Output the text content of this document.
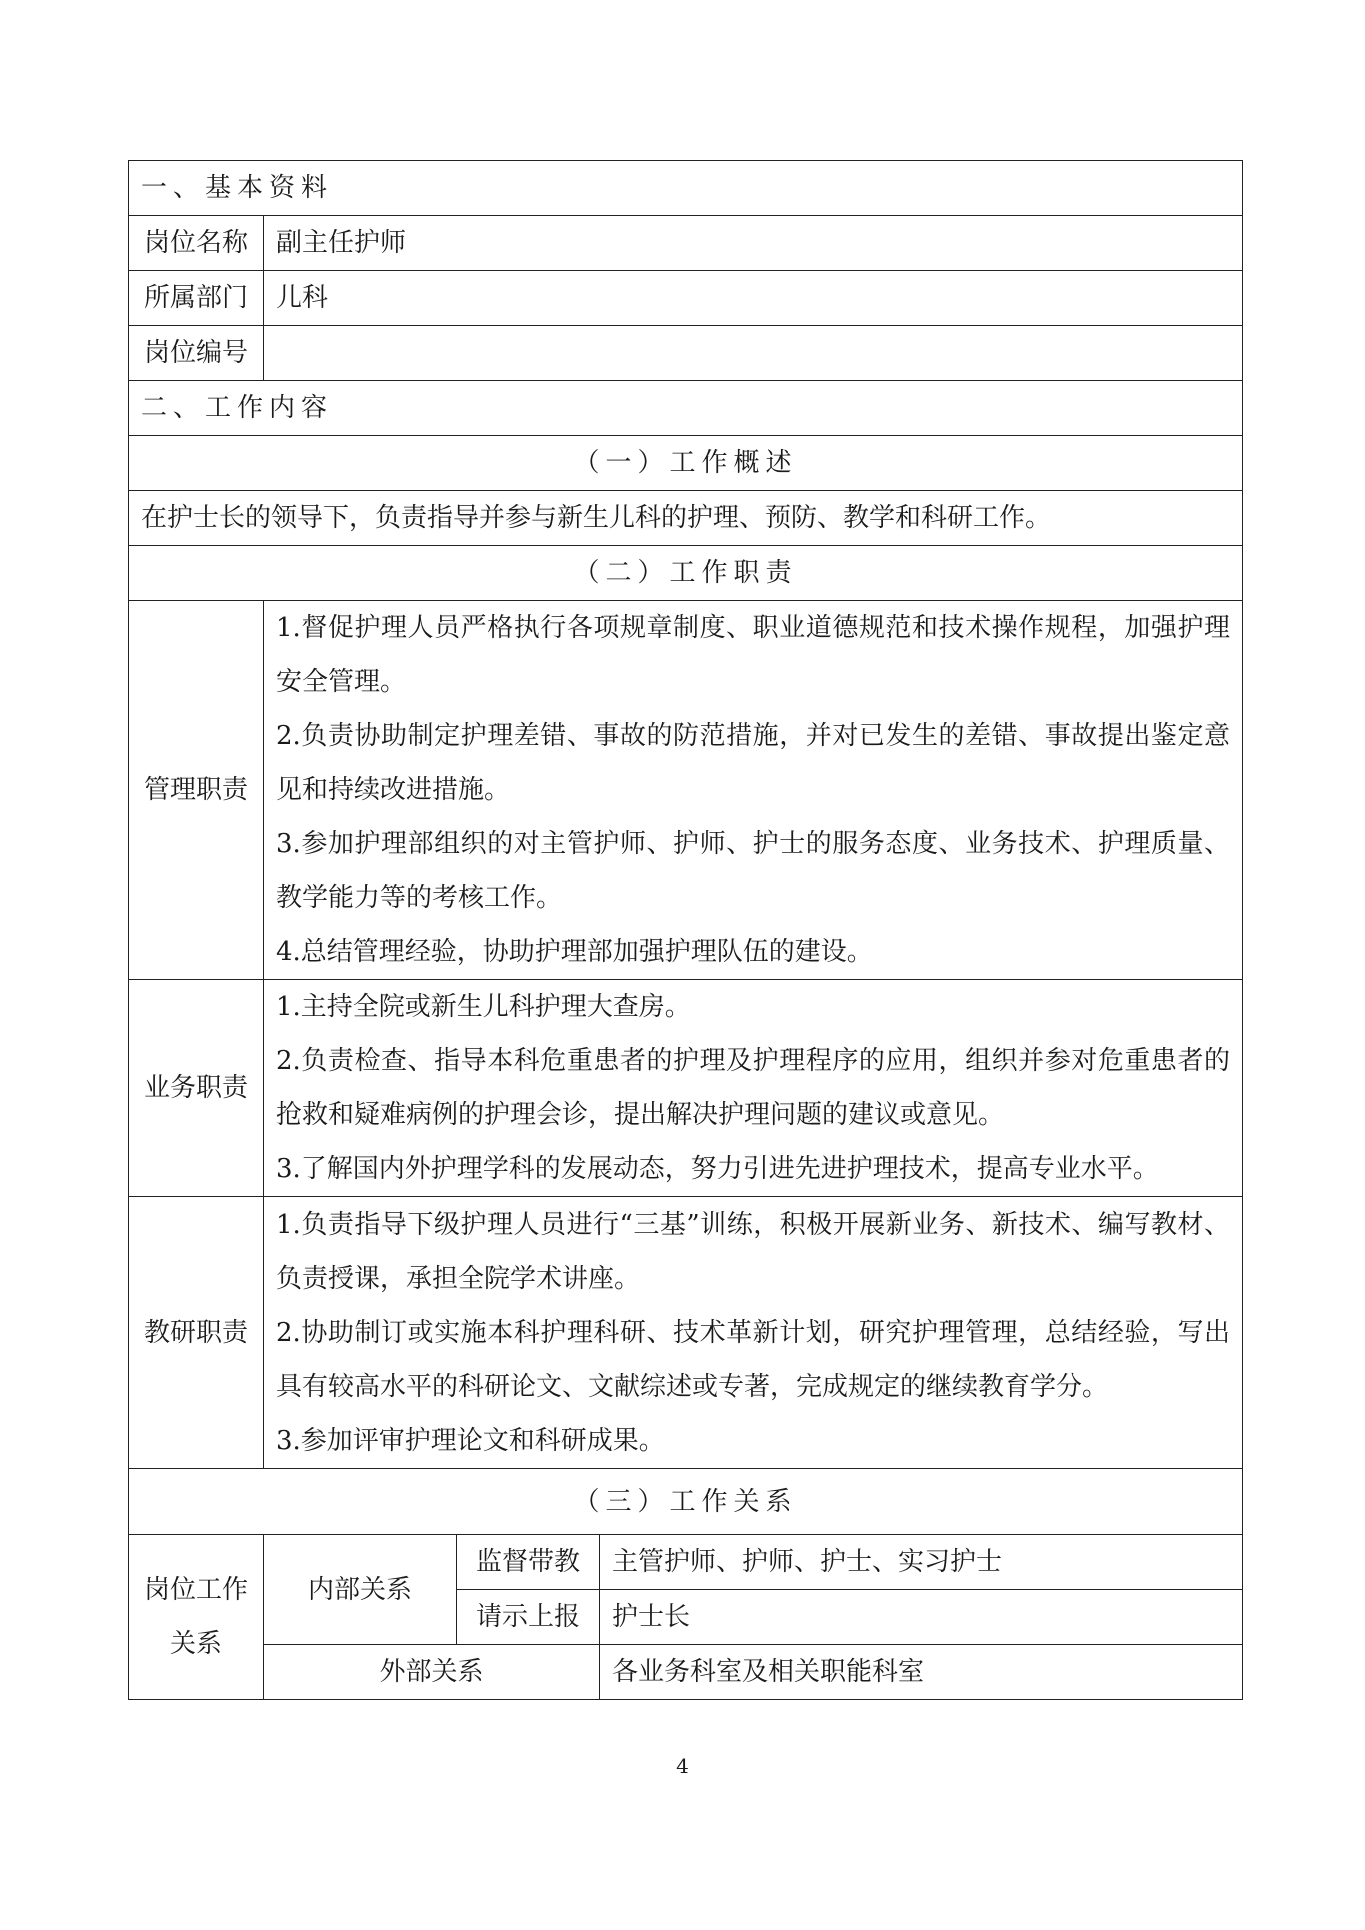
一、基本资料			
岗位名称	副主任护师		
所属部门	儿科		
岗位编号			
二、工作内容			
（一）工作概述			
在护士长的领导下，负责指导并参与新生儿科的护理、预防、教学和科研工作。			
（二）工作职责			
管理职责	1.督促护理人员严格执行各项规章制度、职业道德规范和技术操作规程，加强护理安全管理。
2.负责协助制定护理差错、事故的防范措施，并对已发生的差错、事故提出鉴定意见和持续改进措施。
3.参加护理部组织的对主管护师、护师、护士的服务态度、业务技术、护理质量、教学能力等的考核工作。
4.总结管理经验，协助护理部加强护理队伍的建设。		

业务职责	1.主持全院或新生儿科护理大查房。
2.负责检查、指导本科危重患者的护理及护理程序的应用，组织并参对危重患者的抢救和疑难病例的护理会诊，提出解决护理问题的建议或意见。
3.了解国内外护理学科的发展动态，努力引进先进护理技术，提高专业水平。		

教研职责	1.负责指导下级护理人员进行“三基”训练，积极开展新业务、新技术、编写教材、负责授课，承担全院学术讲座。
2.协助制订或实施本科护理科研、技术革新计划，研究护理管理，总结经验，写出具有较高水平的科研论文、文献综述或专著，完成规定的继续教育学分。
3.参加评审护理论文和科研成果。		

（三）工作关系			
岗位工作关系	内部关系	监督带教	主管护师、护师、护士、实习护士
		请示上报	护士长
	外部关系		各业务科室及相关职能科室
4
